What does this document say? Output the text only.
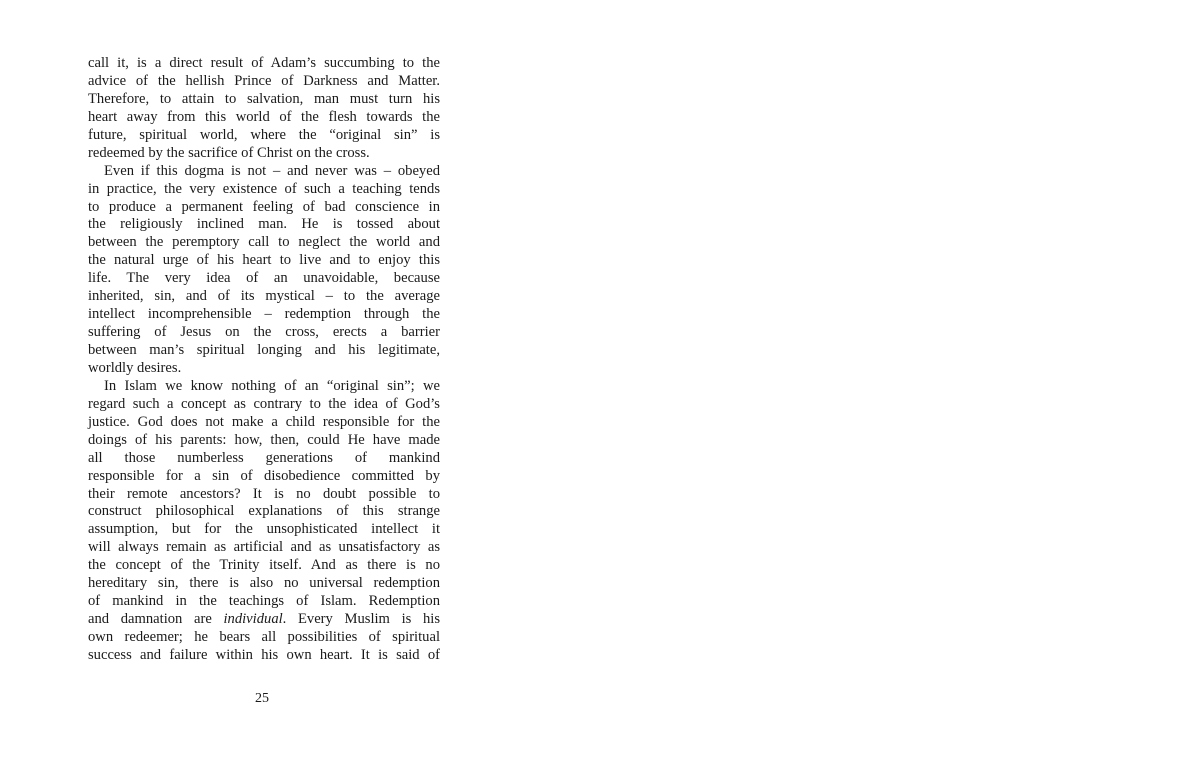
call it, is a direct result of Adam’s succumbing to the
advice of the hellish Prince of Darkness and Matter.
Therefore, to attain to salvation, man must turn his
heart away from this world of the flesh towards the
future, spiritual world, where the “original sin” is
redeemed by the sacrifice of Christ on the cross.
Even if this dogma is not – and never was – obeyed
in practice, the very existence of such a teaching tends
to produce a permanent feeling of bad conscience in
the religiously inclined man. He is tossed about
between the peremptory call to neglect the world and
the natural urge of his heart to live and to enjoy this
life. The very idea of an unavoidable, because
inherited, sin, and of its mystical – to the average
intellect incomprehensible – redemption through the
suffering of Jesus on the cross, erects a barrier
between man’s spiritual longing and his legitimate,
worldly desires.
In Islam we know nothing of an “original sin”; we
regard such a concept as contrary to the idea of God’s
justice. God does not make a child responsible for the
doings of his parents: how, then, could He have made
all those numberless generations of mankind
responsible for a sin of disobedience committed by
their remote ancestors? It is no doubt possible to
construct philosophical explanations of this strange
assumption, but for the unsophisticated intellect it
will always remain as artificial and as unsatisfactory as
the concept of the Trinity itself. And as there is no
hereditary sin, there is also no universal redemption
of mankind in the teachings of Islam. Redemption
and damnation are individual. Every Muslim is his
own redeemer; he bears all possibilities of spiritual
success and failure within his own heart. It is said of
25
